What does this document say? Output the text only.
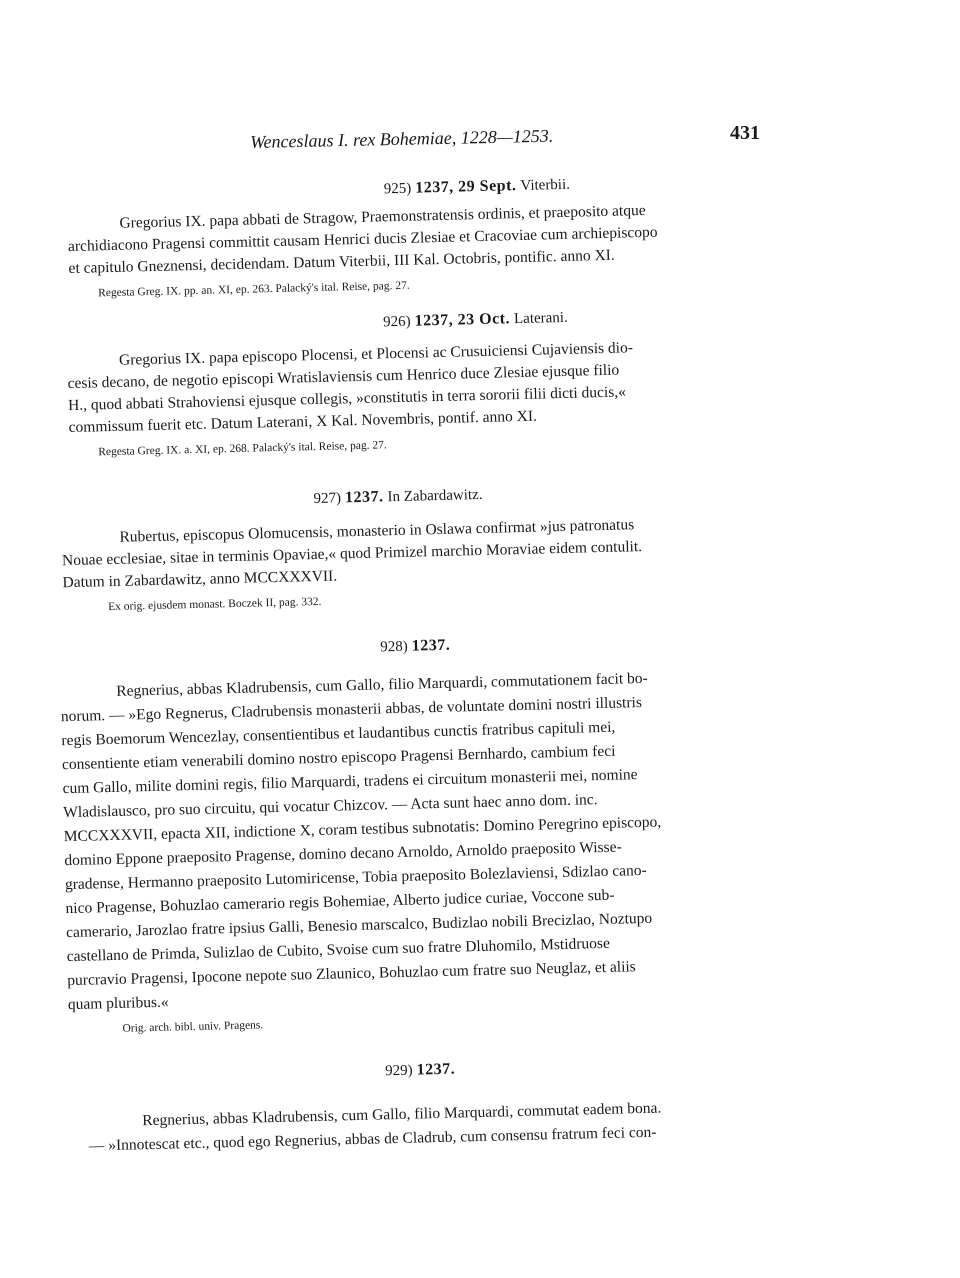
Wenceslaus I. rex Bohemiae, 1228—1253.	431
925) 1237, 29 Sept. Viterbii.
Gregorius IX. papa abbati de Stragow, Praemonstratensis ordinis, et praeposito atque
archidiacono Pragensi committit causam Henrici ducis Zlesiae et Cracoviae cum archiepiscopo
et capitulo Gneznensi, decidendam. Datum Viterbii, III Kal. Octobris, pontific. anno XI.
Regesta Greg. IX. pp. an. XI, ep. 263. Palacký's ital. Reise, pag. 27.
926) 1237, 23 Oct. Laterani.
Gregorius IX. papa episcopo Plocensi, et Plocensi ac Crusuiciensi Cujaviensis dio-
cesis decano, de negotio episcopi Wratislaviensis cum Henrico duce Zlesiae ejusque filio
H., quod abbati Strahoviensi ejusque collegis, »constitutis in terra sororii filii dicti ducis,«
commissum fuerit etc. Datum Laterani, X Kal. Novembris, pontif. anno XI.
Regesta Greg. IX. a. XI, ep. 268. Palacký's ital. Reise, pag. 27.
927) 1237. In Zabardawitz.
Rubertus, episcopus Olomucensis, monasterio in Oslawa confirmat »jus patronatus
Nouae ecclesiae, sitae in terminis Opaviae,« quod Primizel marchio Moraviae eidem contulit.
Datum in Zabardawitz, anno MCCXXXVII.
Ex orig. ejusdem monast. Boczek II, pag. 332.
928) 1237.
Regnerius, abbas Kladrubensis, cum Gallo, filio Marquardi, commutationem facit bo-
norum. — »Ego Regnerus, Cladrubensis monasterii abbas, de voluntate domini nostri illustris
regis Boemorum Wencezlay, consentientibus et laudantibus cunctis fratribus capituli mei,
consentiente etiam venerabili domino nostro episcopo Pragensi Bernhardo, cambium feci
cum Gallo, milite domini regis, filio Marquardi, tradens ei circuitum monasterii mei, nomine
Wladislausco, pro suo circuitu, qui vocatur Chizcov. — Acta sunt haec anno dom. inc.
MCCXXXVII, epacta XII, indictione X, coram testibus subnotatis: Domino Peregrino episcopo,
domino Eppone praeposito Pragense, domino decano Arnoldo, Arnoldo praeposito Wisse-
gradense, Hermanno praeposito Lutomiricense, Tobia praeposito Bolezlaviensi, Sdizlao cano-
nico Pragense, Bohuzlao camerario regis Bohemiae, Alberto judice curiae, Voccone sub-
camerario, Jarozlao fratre ipsius Galli, Benesio marscalco, Budizlao nobili Brecizlao, Noztupo
castellano de Primda, Sulizlao de Cubito, Svoise cum suo fratre Dluhomilo, Mstidruose
purcravio Pragensi, Ipocone nepote suo Zlaunico, Bohuzlao cum fratre suo Neuglaz, et aliis
quam pluribus.«
Orig. arch. bibl. univ. Pragens.
929) 1237.
Regnerius, abbas Kladrubensis, cum Gallo, filio Marquardi, commutat eadem bona.
— »Innotescat etc., quod ego Regnerius, abbas de Cladrub, cum consensu fratrum feci con-
